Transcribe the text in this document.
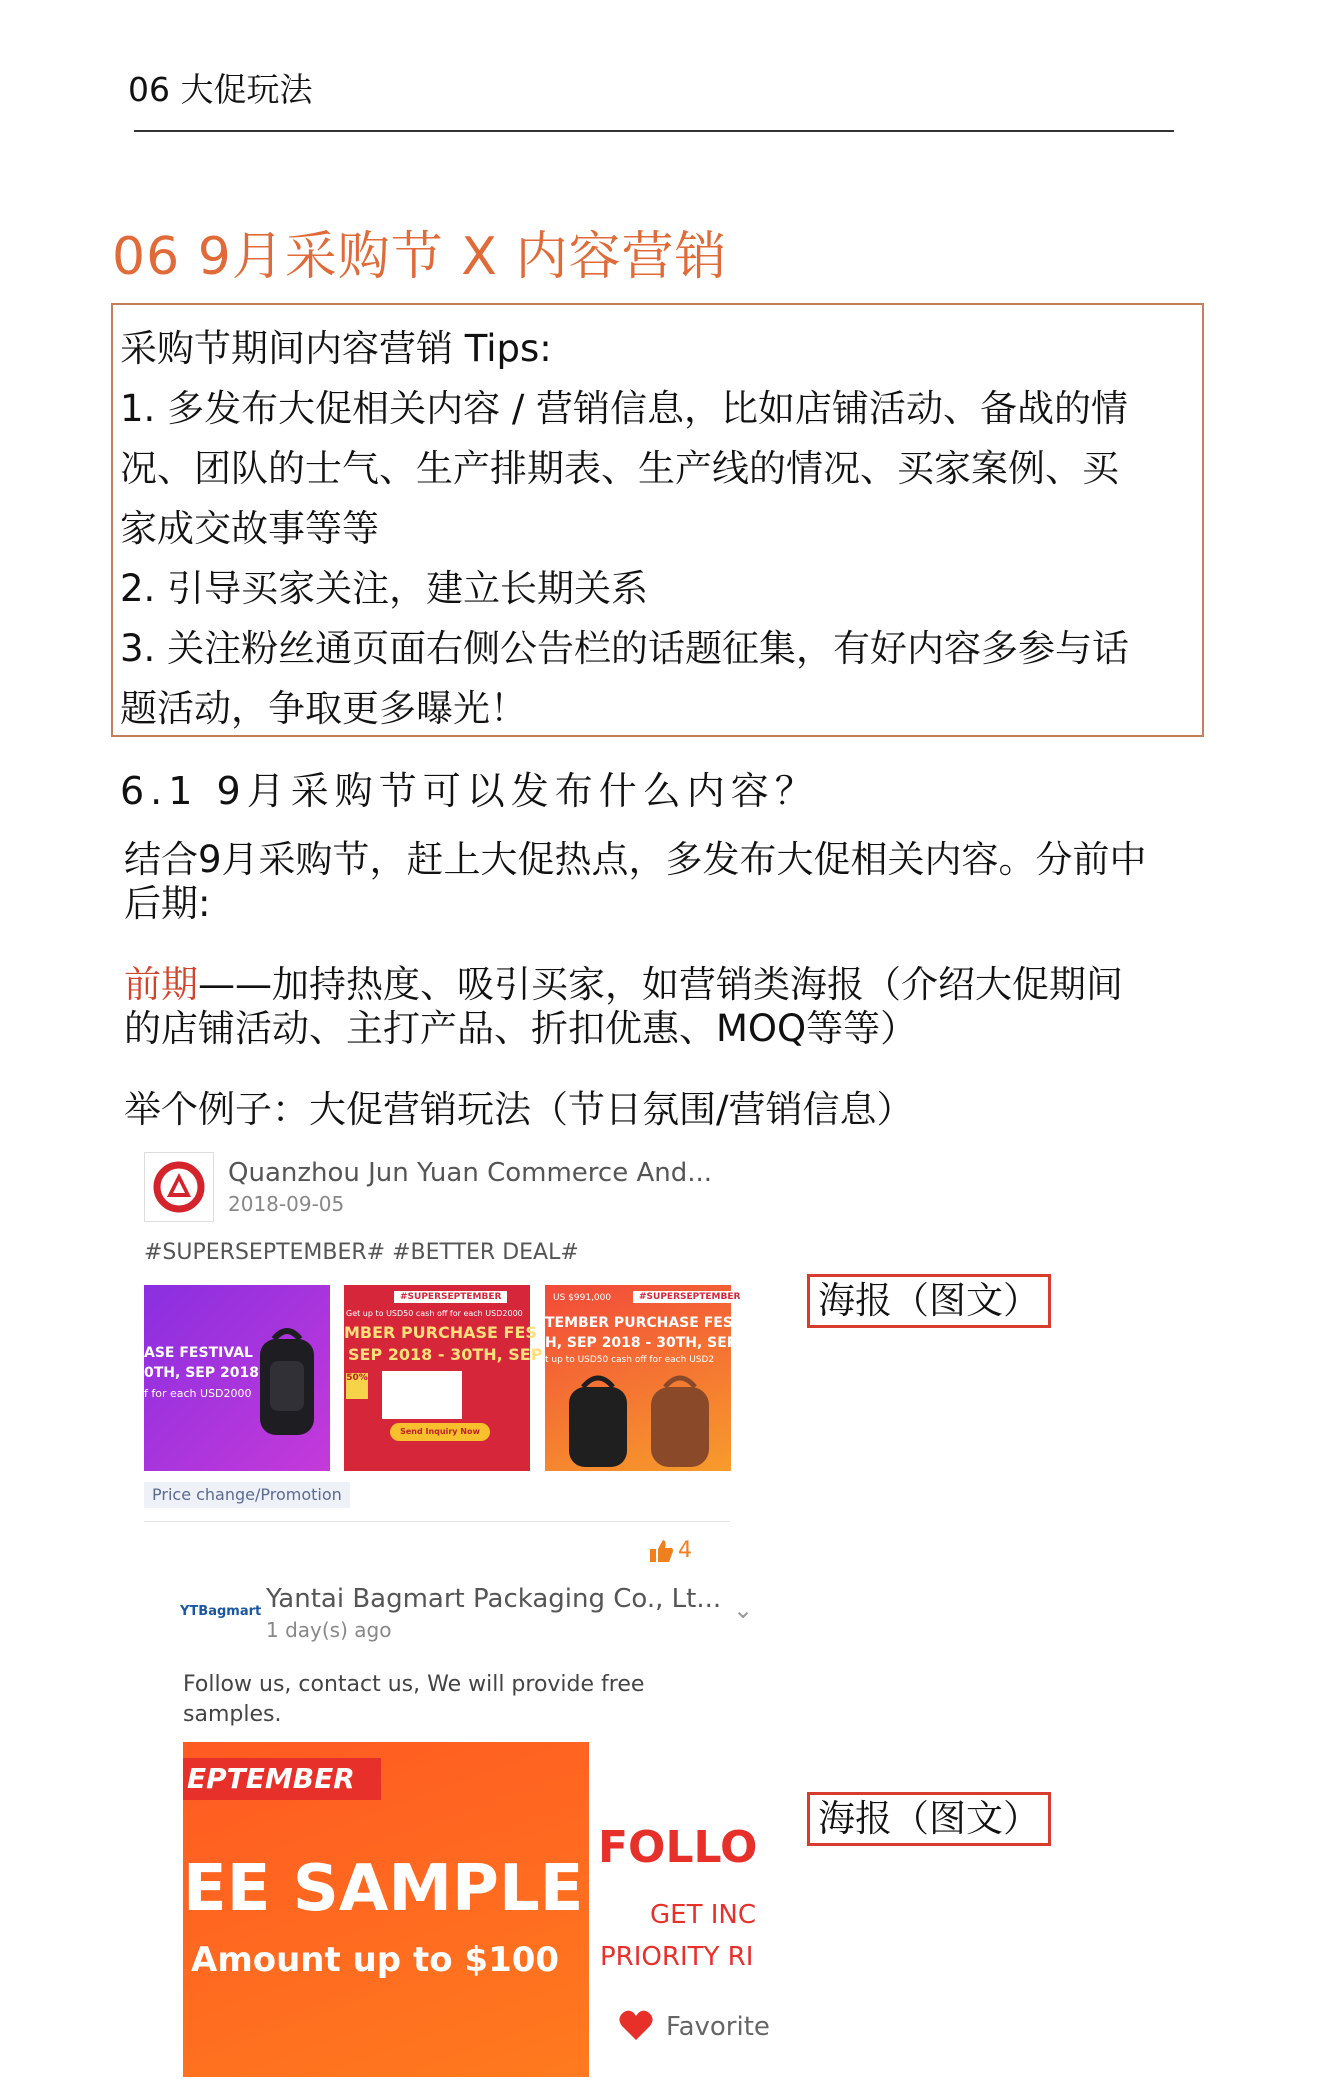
06 大促玩法
06 9月采购节 X 内容营销
采购节期间内容营销 Tips:
1. 多发布大促相关内容 / 营销信息，比如店铺活动、备战的情
况、团队的士气、生产排期表、生产线的情况、买家案例、买
家成交故事等等
2. 引导买家关注，建立长期关系
3. 关注粉丝通页面右侧公告栏的话题征集，有好内容多参与话
题活动，争取更多曝光！
6.1 9月采购节可以发布什么内容？
结合9月采购节，赶上大促热点，多发布大促相关内容。分前中
后期:
前期——加持热度、吸引买家，如营销类海报（介绍大促期间
的店铺活动、主打产品、折扣优惠、MOQ等等）
举个例子：大促营销玩法（节日氛围/营销信息）
Quanzhou Jun Yuan Commerce And...
2018-09-05
#SUPERSEPTEMBER# #BETTER DEAL#
ASE FESTIVAL
0TH, SEP 2018
f for each USD2000
#SUPERSEPTEMBER
Get up to USD50 cash off for each USD2000
MBER PURCHASE FES
SEP 2018 - 30TH, SEP
50%
Send Inquiry Now
US $991,000	#SUPERSEPTEMBER
TEMBER PURCHASE FEST
H, SEP 2018 - 30TH, SEP 2
t up to USD50 cash off for each USD2
Price change/Promotion
4
海报（图文）
海报（图文）
YTBagmart Yantai Bagmart Packaging Co., Lt...
1 day(s) ago
⌄
Follow us, contact us, We will provide free
samples.
EPTEMBER
EE SAMPLE
Amount up to $100
FOLLO
GET INC
PRIORITY RI
Favorite
